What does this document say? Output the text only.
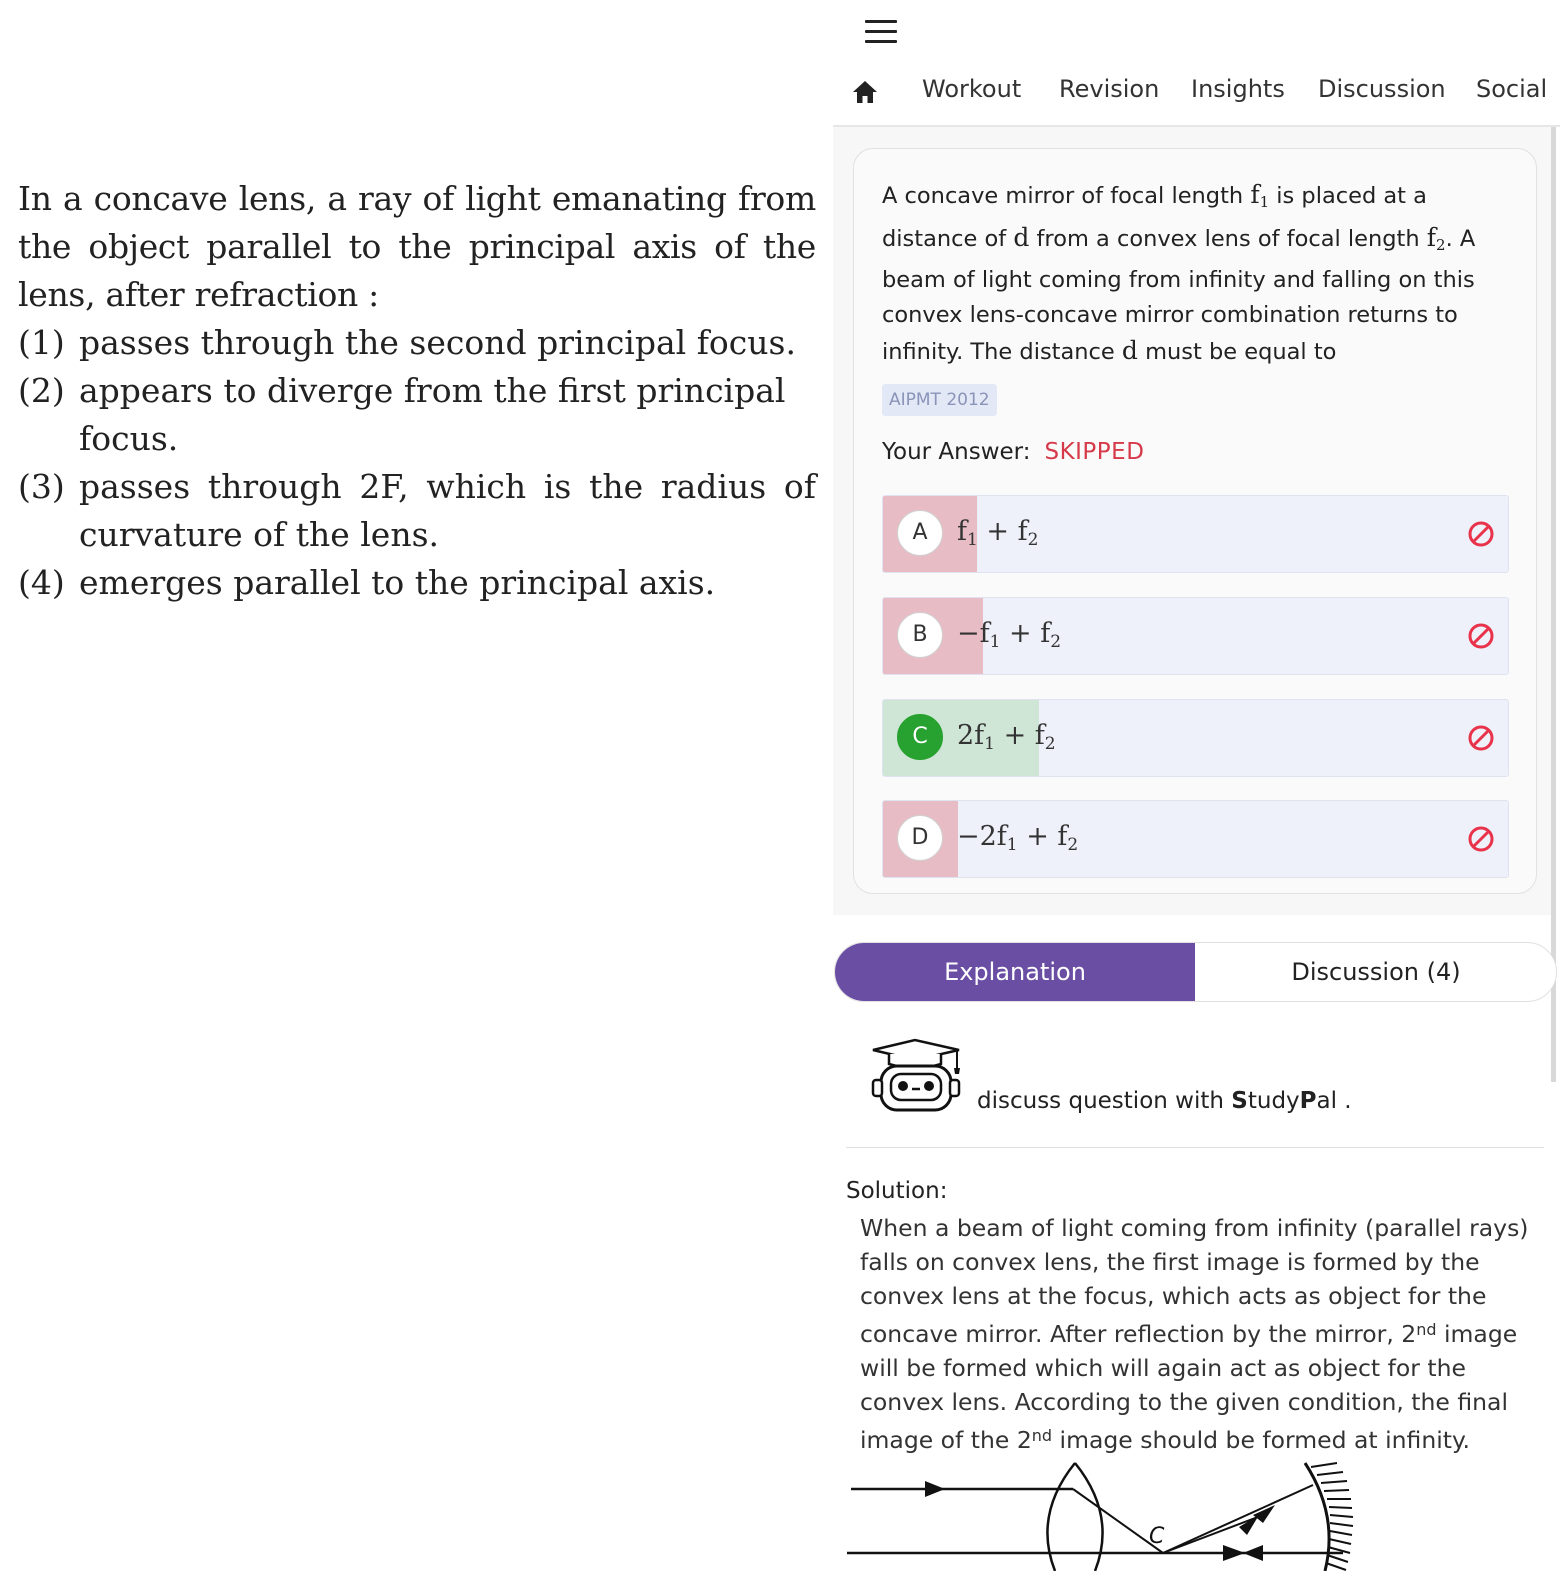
In a concave lens, a ray of light emanating from the object parallel to the principal axis of the lens, after refraction :
(1) passes through the second principal focus.
(2) appears to diverge from the first principal focus.
(3) passes through 2F, which is the radius of curvature of the lens.
(4) emerges parallel to the principal axis.
Workout Revision Insights Discussion Social
A concave mirror of focal length $f_1$ is placed at a distance of d from a convex lens of focal length $f_2$. A beam of light coming from infinity and falling on this convex lens-concave mirror combination returns to infinity. The distance d must be equal to
AIPMT 2012
Your Answer: SKIPPED
A	$f_1 + f_2$
B	$-f_1 + f_2$
C	$2f_1 + f_2$
D	$-2f_1 + f_2$
Explanation	Discussion (4)
discuss question with StudyPal .
Solution:
When a beam of light coming from infinity (parallel rays)
falls on convex lens, the first image is formed by the
convex lens at the focus, which acts as object for the
concave mirror. After reflection by the mirror, 2nd image
will be formed which will again act as object for the
convex lens. According to the given condition, the final
image of the 2nd image should be formed at infinity.
C
